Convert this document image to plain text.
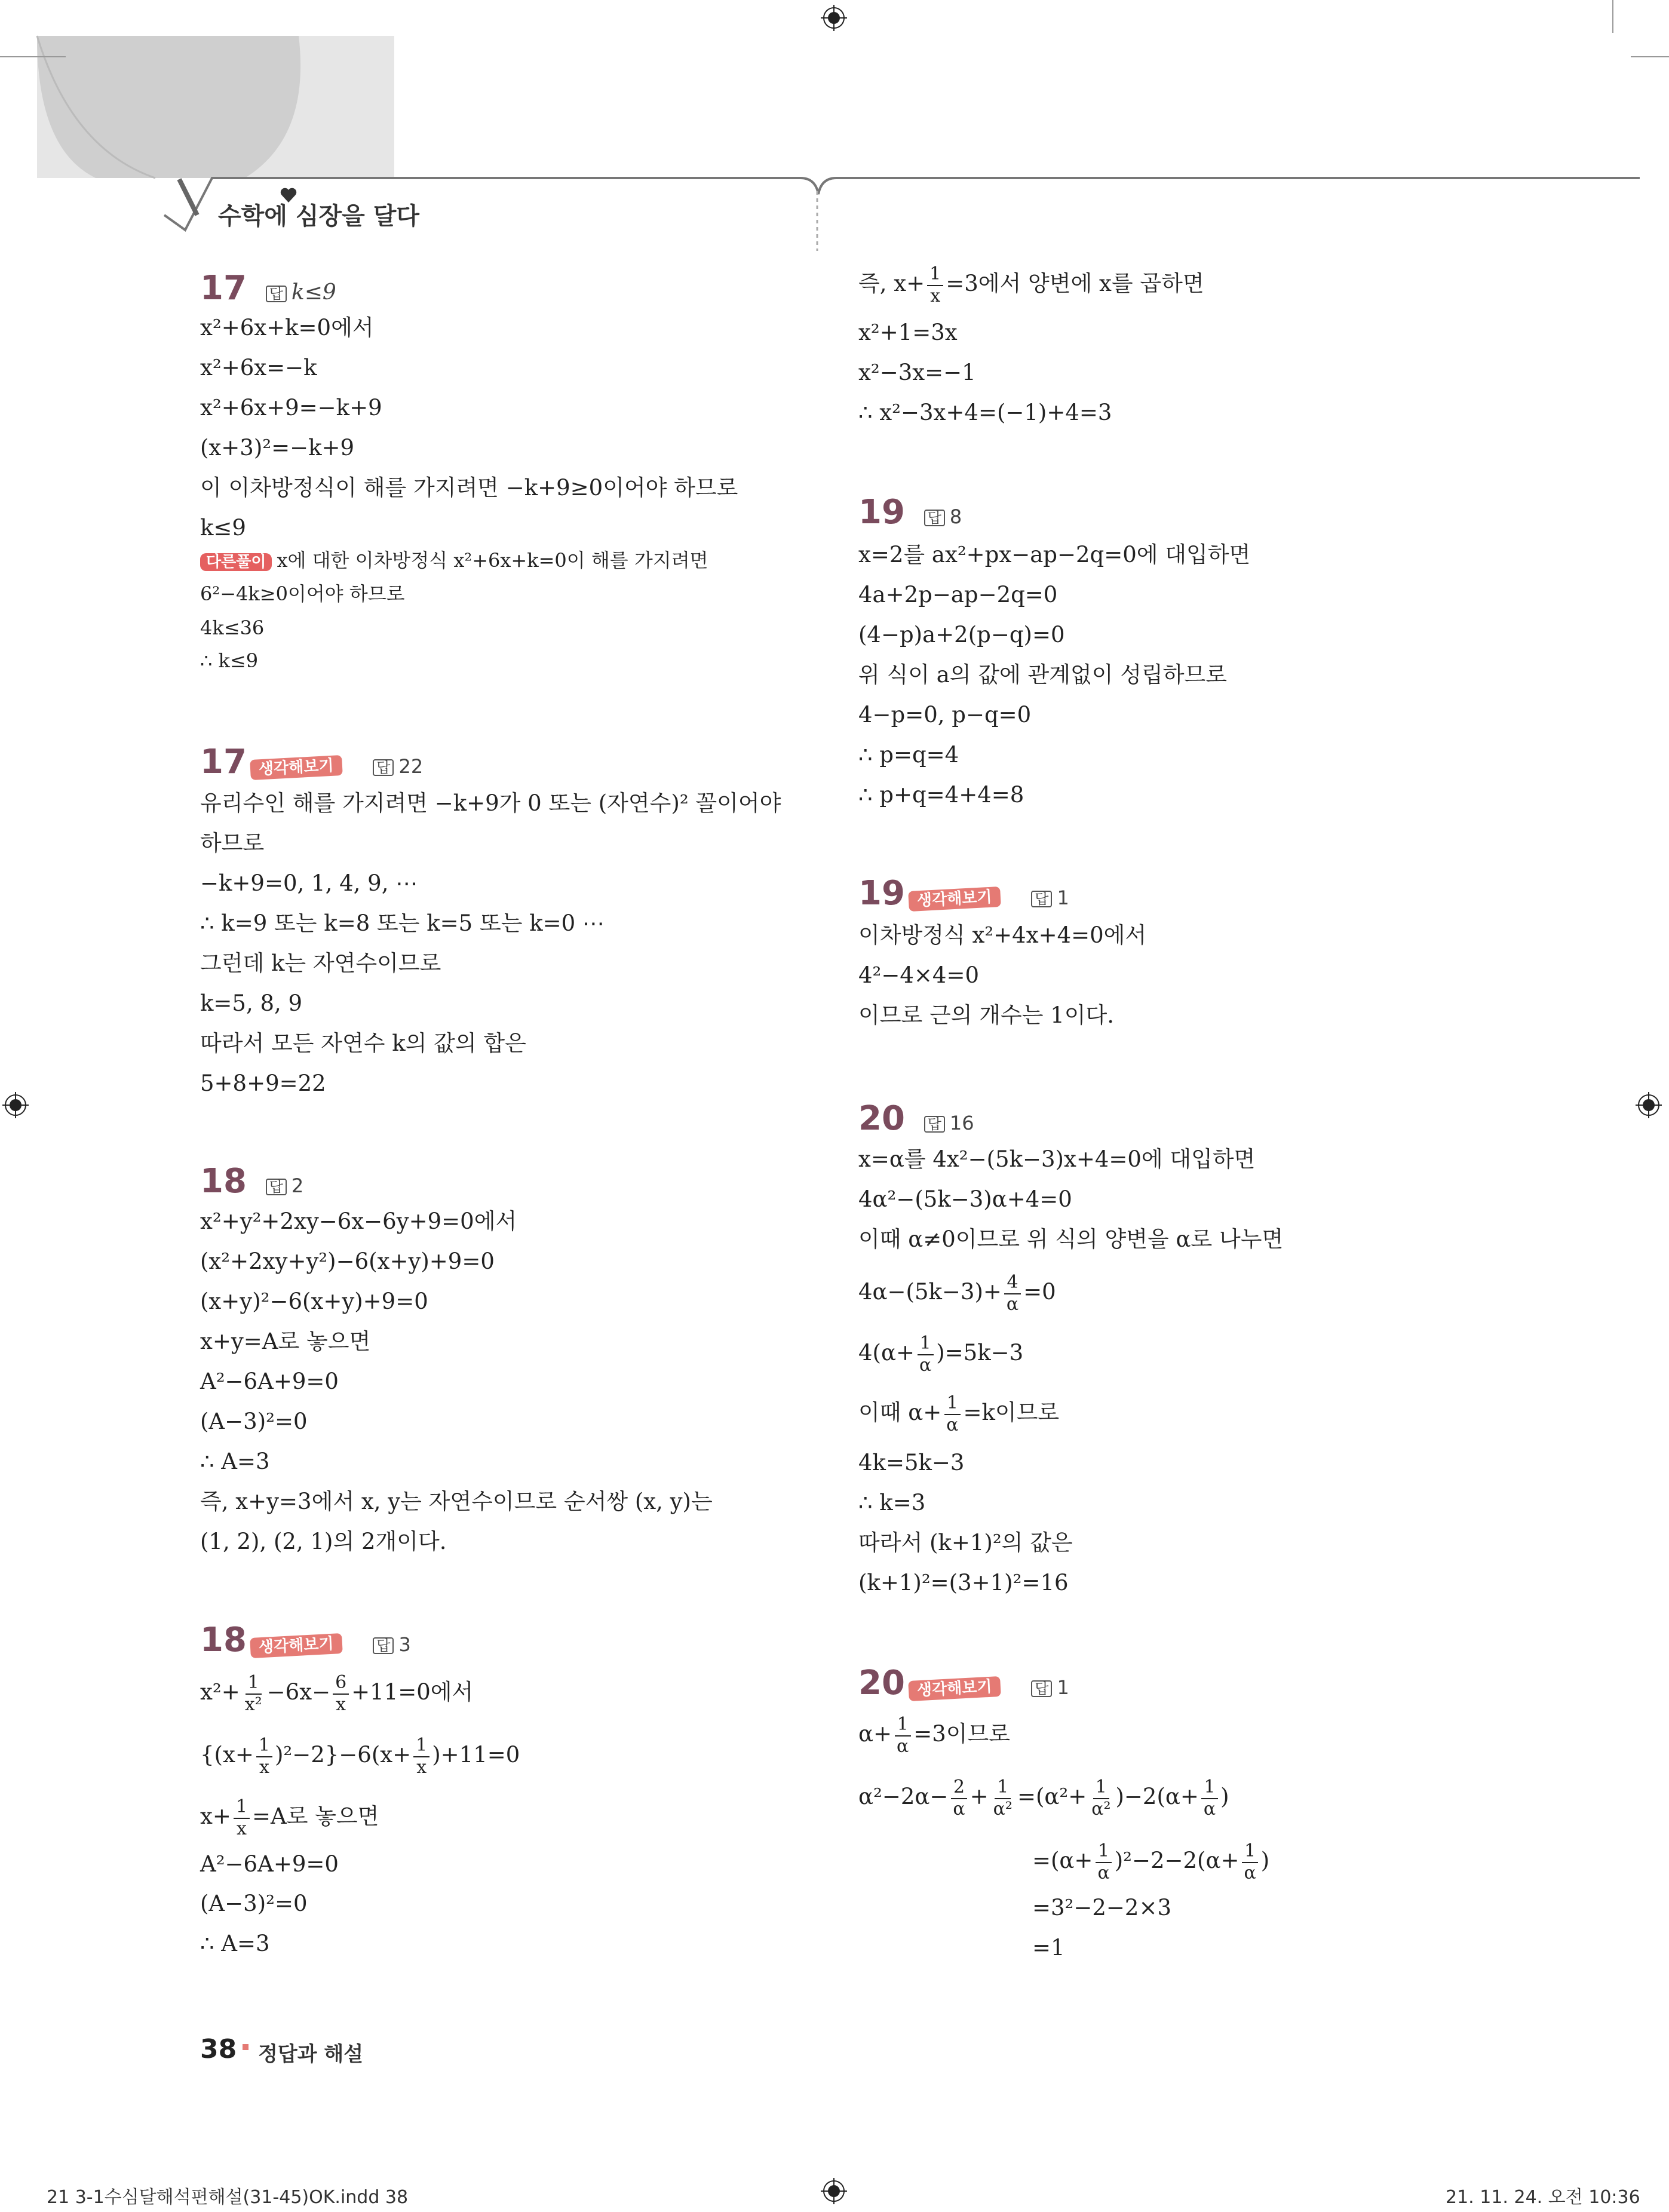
수학에 심장을 달다
17 답 k≤9
x²+6x+k=0에서
x²+6x=−k
x²+6x+9=−k+9
(x+3)²=−k+9
이 이차방정식이 해를 가지려면 −k+9≥0이어야 하므로
k≤9
다른풀이 x에 대한 이차방정식 x²+6x+k=0이 해를 가지려면
6²−4k≥0이어야 하므로
4k≤36
∴ k≤9
17 생각해보기	답 22
유리수인 해를 가지려면 −k+9가 0 또는 (자연수)² 꼴이어야
하므로
−k+9=0, 1, 4, 9, ⋯
∴ k=9 또는 k=8 또는 k=5 또는 k=0 ⋯
그런데 k는 자연수이므로
k=5, 8, 9
따라서 모든 자연수 k의 값의 합은
5+8+9=22
18 답 2
x²+y²+2xy−6x−6y+9=0에서
(x²+2xy+y²)−6(x+y)+9=0
(x+y)²−6(x+y)+9=0
x+y=A로 놓으면
A²−6A+9=0
(A−3)²=0
∴ A=3
즉, x+y=3에서 x, y는 자연수이므로 순서쌍 (x, y)는
(1, 2), (2, 1)의 2개이다.
18 생각해보기	답 3
$x^2+ \frac{1}{\text{x²}} -6x- \frac{6}{x} +11=0$에서
$\{(x+ \frac{1}{x} )^2-2\}-6(x+ \frac{1}{x} )+11=0$
$x+ \frac{1}{x} =A$로 놓으면
A²−6A+9=0
(A−3)²=0
∴ A=3
즉, $x+ \frac{1}{x} =3$에서 양변에 x를 곱하면
x²+1=3x
x²−3x=−1
∴ x²−3x+4=(−1)+4=3
19 답 8
x=2를 ax²+px−ap−2q=0에 대입하면
4a+2p−ap−2q=0
(4−p)a+2(p−q)=0
위 식이 a의 값에 관계없이 성립하므로
4−p=0, p−q=0
∴ p=q=4
∴ p+q=4+4=8
19 생각해보기	답 1
이차방정식 x²+4x+4=0에서
4²−4×4=0
이므로 근의 개수는 1이다.
20 답 16
x=α를 4x²−(5k−3)x+4=0에 대입하면
4α²−(5k−3)α+4=0
이때 α≠0이므로 위 식의 양변을 α로 나누면
$4\alpha-(5k-3)+ \frac{4}{\alpha} =0$
$4(\alpha+ \frac{1}{\alpha} )=5k-3$
이때 $\alpha+ \frac{1}{\alpha} =k$이므로
4k=5k−3
∴ k=3
따라서 (k+1)²의 값은
(k+1)²=(3+1)²=16
20 생각해보기	답 1
$\alpha+ \frac{1}{\alpha} =3$이므로
$\alpha^2-2\alpha- \frac{2}{\alpha} + \frac{1}{\text{α²}} =(\alpha^2+ \frac{1}{\text{α²}} )-2(\alpha+ \frac{1}{\alpha}$ )
$=(\alpha+ \frac{1}{\alpha} )^2-2-2(\alpha+ \frac{1}{\alpha}$ )
=3²−2−2×3
=1
38 정답과 해설
21 3-1수심달해석편해설(31-45)OK.indd 38	21. 11. 24. 오전 10:36
